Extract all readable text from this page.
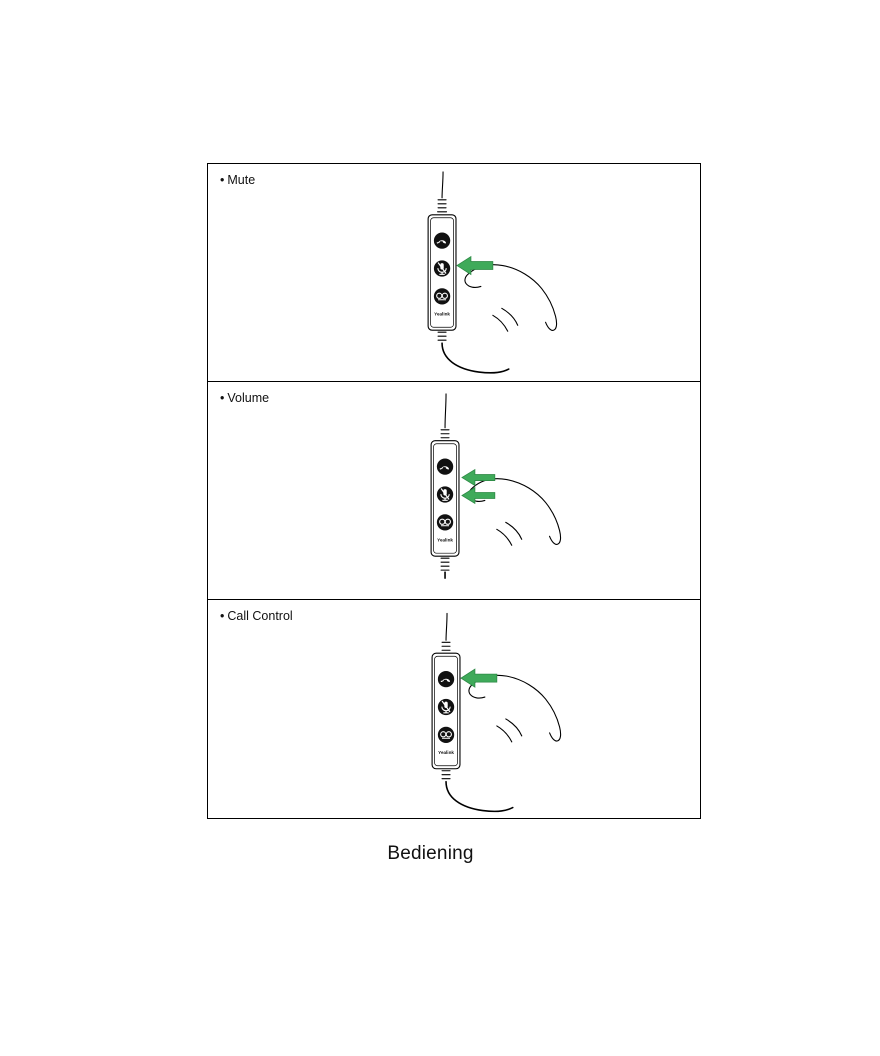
• Mute
Yealink
• Volume
Yealink
• Call Control
Yealink
Bediening
